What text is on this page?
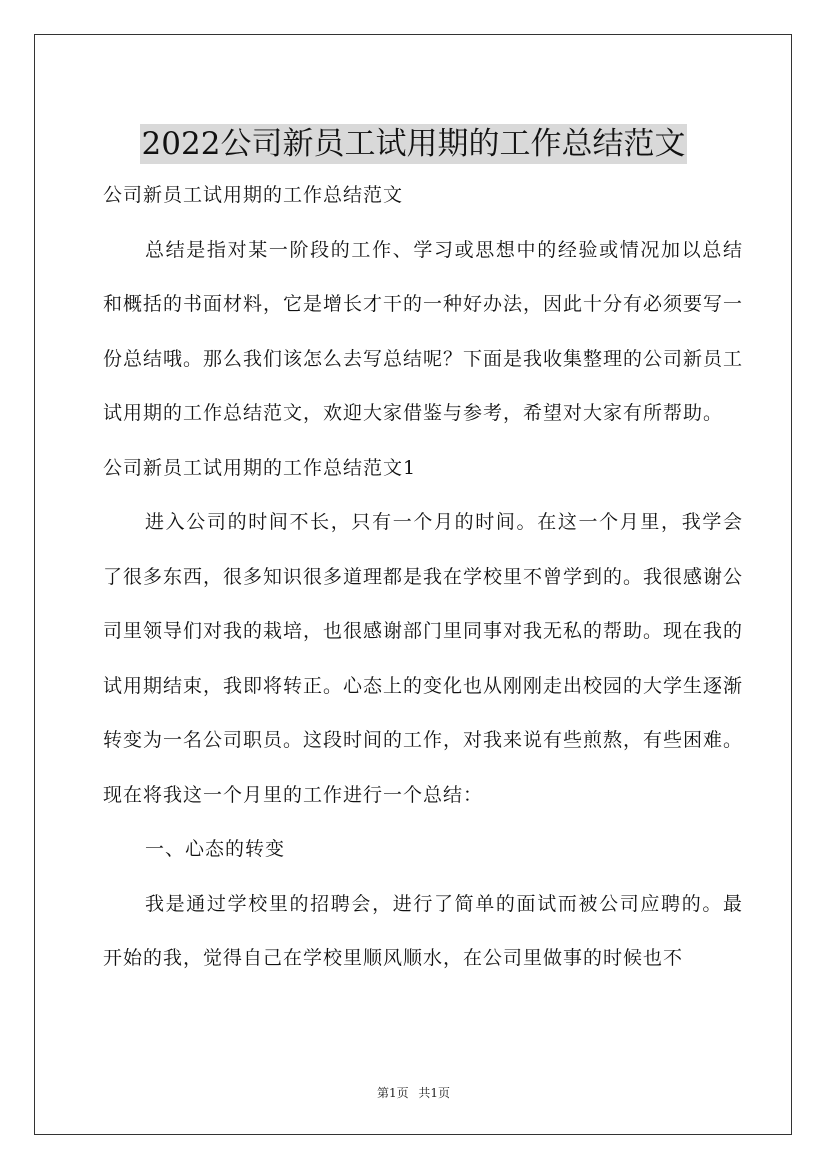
2022公司新员工试用期的工作总结范文

公司新员工试用期的工作总结范文

总结是指对某一阶段的工作、学习或思想中的经验或情况加以总结和概括的书面材料，它是增长才干的一种好办法，因此十分有必须要写一份总结哦。那么我们该怎么去写总结呢？下面是我收集整理的公司新员工试用期的工作总结范文，欢迎大家借鉴与参考，希望对大家有所帮助。

公司新员工试用期的工作总结范文1

进入公司的时间不长，只有一个月的时间。在这一个月里，我学会了很多东西，很多知识很多道理都是我在学校里不曾学到的。我很感谢公司里领导们对我的栽培，也很感谢部门里同事对我无私的帮助。现在我的试用期结束，我即将转正。心态上的变化也从刚刚走出校园的大学生逐渐转变为一名公司职员。这段时间的工作，对我来说有些煎熬，有些困难。现在将我这一个月里的工作进行一个总结：

一、心态的转变

我是通过学校里的招聘会，进行了简单的面试而被公司应聘的。最开始的我，觉得自己在学校里顺风顺水，在公司里做事的时候也不

第1页 共1页
